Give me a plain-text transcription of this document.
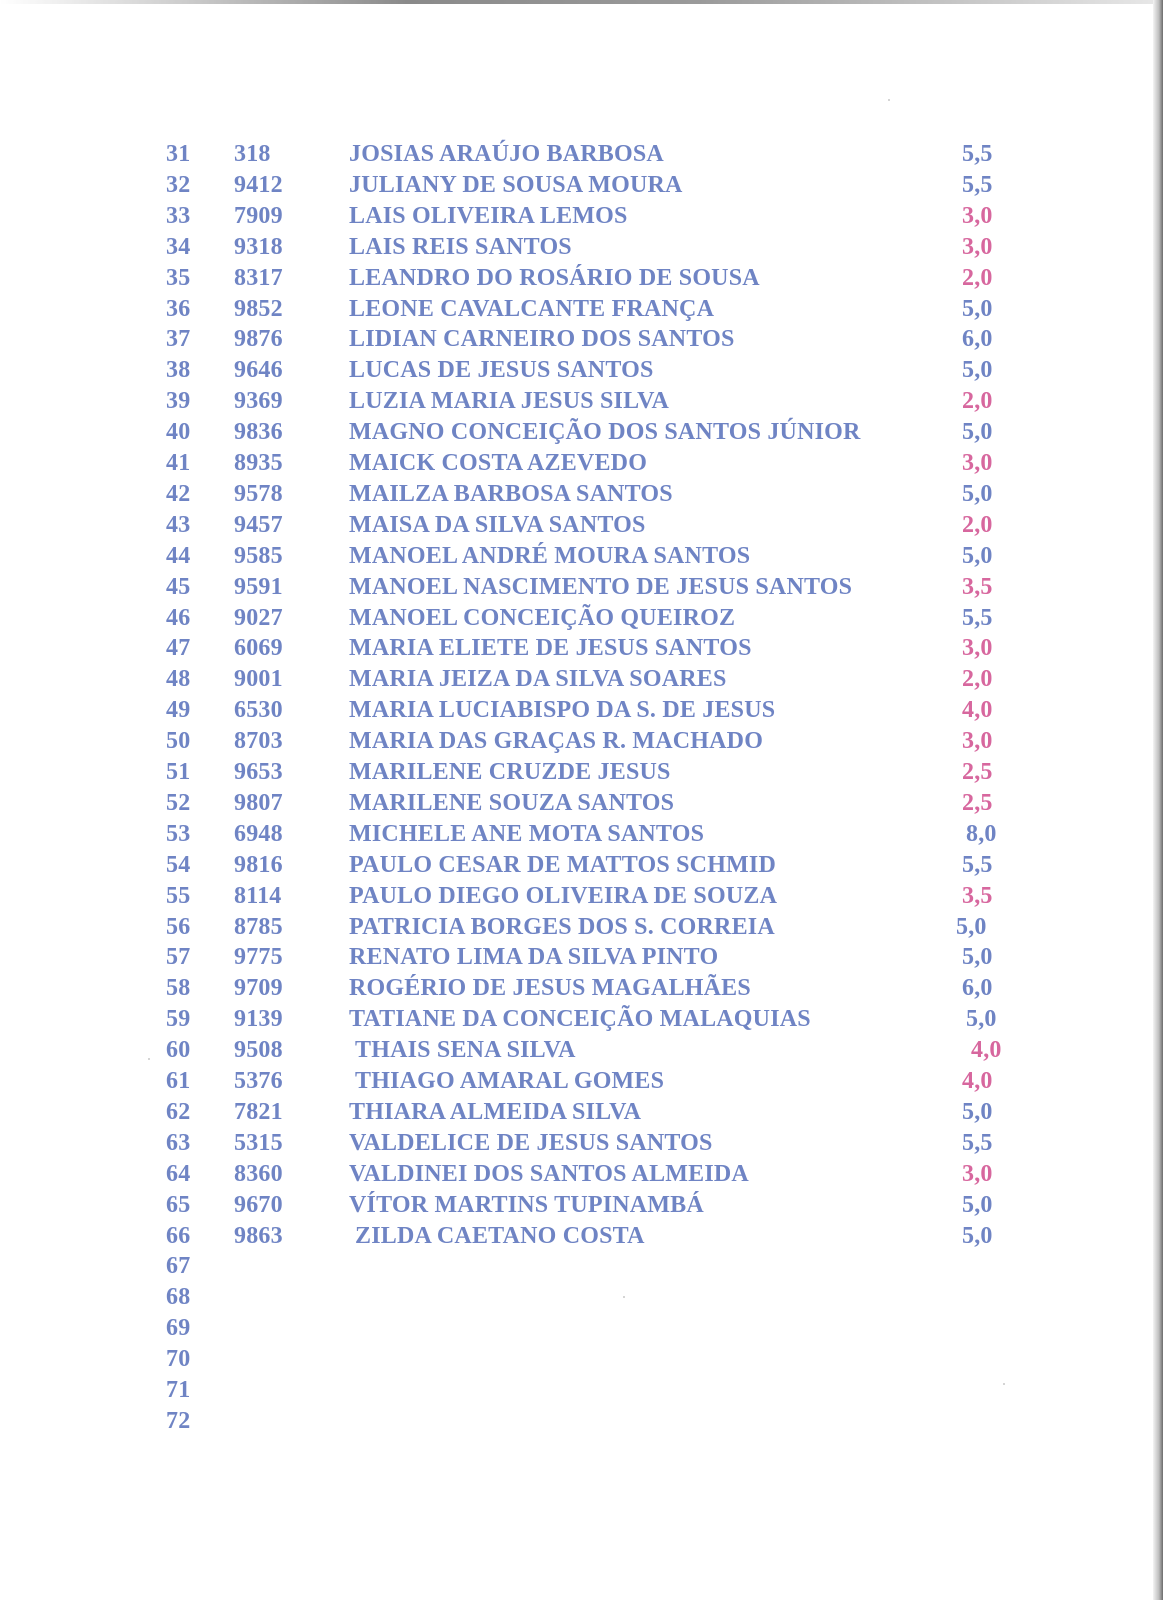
31	318	JOSIAS ARAÚJO BARBOSA	5,5
32	9412	JULIANY DE SOUSA MOURA	5,5
33	7909	LAIS OLIVEIRA LEMOS	3,0
34	9318	LAIS REIS SANTOS	3,0
35	8317	LEANDRO DO ROSÁRIO DE SOUSA	2,0
36	9852	LEONE CAVALCANTE FRANÇA	5,0
37	9876	LIDIAN CARNEIRO DOS SANTOS	6,0
38	9646	LUCAS DE JESUS SANTOS	5,0
39	9369	LUZIA MARIA JESUS SILVA	2,0
40	9836	MAGNO CONCEIÇÃO DOS SANTOS JÚNIOR	5,0
41	8935	MAICK COSTA AZEVEDO	3,0
42	9578	MAILZA BARBOSA SANTOS	5,0
43	9457	MAISA DA SILVA SANTOS	2,0
44	9585	MANOEL ANDRÉ MOURA SANTOS	5,0
45	9591	MANOEL NASCIMENTO DE JESUS SANTOS	3,5
46	9027	MANOEL CONCEIÇÃO QUEIROZ	5,5
47	6069	MARIA ELIETE DE JESUS SANTOS	3,0
48	9001	MARIA JEIZA DA SILVA SOARES	2,0
49	6530	MARIA LUCIABISPO DA S. DE JESUS	4,0
50	8703	MARIA DAS GRAÇAS R. MACHADO	3,0
51	9653	MARILENE CRUZDE JESUS	2,5
52	9807	MARILENE SOUZA SANTOS	2,5
53	6948	MICHELE ANE MOTA SANTOS	8,0
54	9816	PAULO CESAR DE MATTOS SCHMID	5,5
55	8114	PAULO DIEGO OLIVEIRA DE SOUZA	3,5
56	8785	PATRICIA BORGES DOS S. CORREIA	5,0
57	9775	RENATO LIMA DA SILVA PINTO	5,0
58	9709	ROGÉRIO DE JESUS MAGALHÃES	6,0
59	9139	TATIANE DA CONCEIÇÃO MALAQUIAS	5,0
60	9508	THAIS SENA SILVA	4,0
61	5376	THIAGO AMARAL GOMES	4,0
62	7821	THIARA ALMEIDA SILVA	5,0
63	5315	VALDELICE DE JESUS SANTOS	5,5
64	8360	VALDINEI DOS SANTOS ALMEIDA	3,0
65	9670	VÍTOR MARTINS TUPINAMBÁ	5,0
66	9863	ZILDA CAETANO COSTA	5,0
67
68
69
70
71
72
